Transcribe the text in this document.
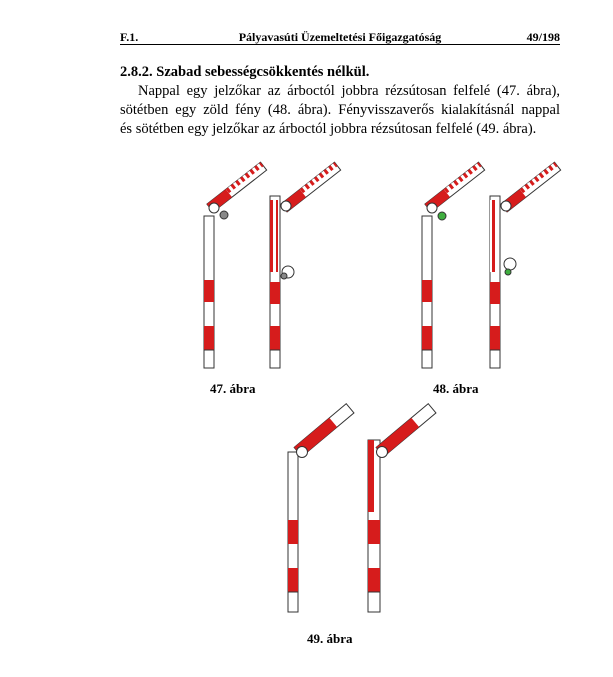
F.1.	Pályavasúti Üzemeltetési Főigazgatóság	49/198
2.8.2. Szabad sebességcsökkentés nélkül.
Nappal egy jelzőkar az árboctól jobbra rézsútosan felfelé (47. ábra),
sötétben egy zöld fény (48. ábra). Fényvisszaverős kialakításnál nappal
és sötétben egy jelzőkar az árboctól jobbra rézsútosan felfelé (49. ábra).
47. ábra	48. ábra
49. ábra
